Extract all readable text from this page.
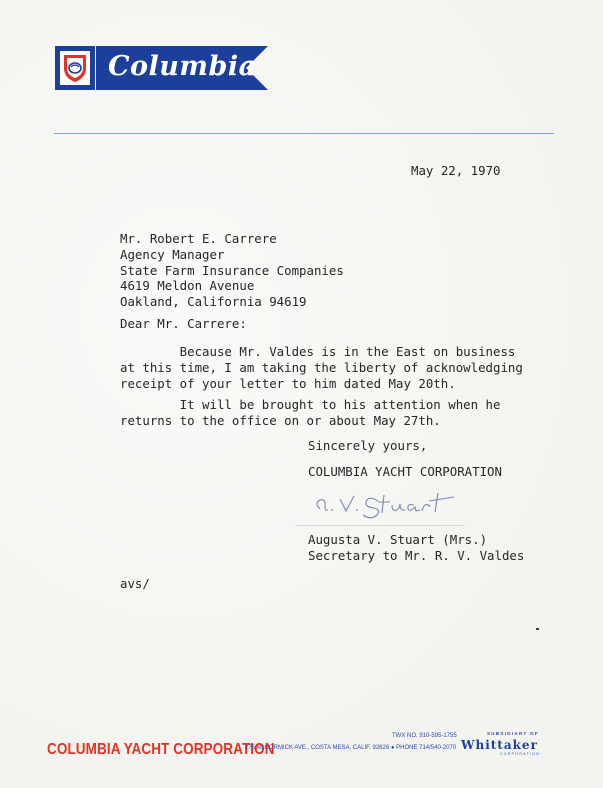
Columbia
May 22, 1970
Mr. Robert E. Carrere
Agency Manager
State Farm Insurance Companies
4619 Meldon Avenue
Oakland, California 94619
Dear Mr. Carrere:
Because Mr. Valdes is in the East on business
at this time, I am taking the liberty of acknowledging
receipt of your letter to him dated May 20th.
It will be brought to his attention when he
returns to the office on or about May 27th.
Sincerely yours,
COLUMBIA YACHT CORPORATION
Augusta V. Stuart (Mrs.)
Secretary to Mr. R. V. Valdes
avs/
COLUMBIA YACHT CORPORATION
TWX NO. 910-595-1755
275 McCORMICK AVE., COSTA MESA, CALIF. 92626 ● PHONE 714/540-2070
SUBSIDIARY OF
Whittaker
CORPORATION
